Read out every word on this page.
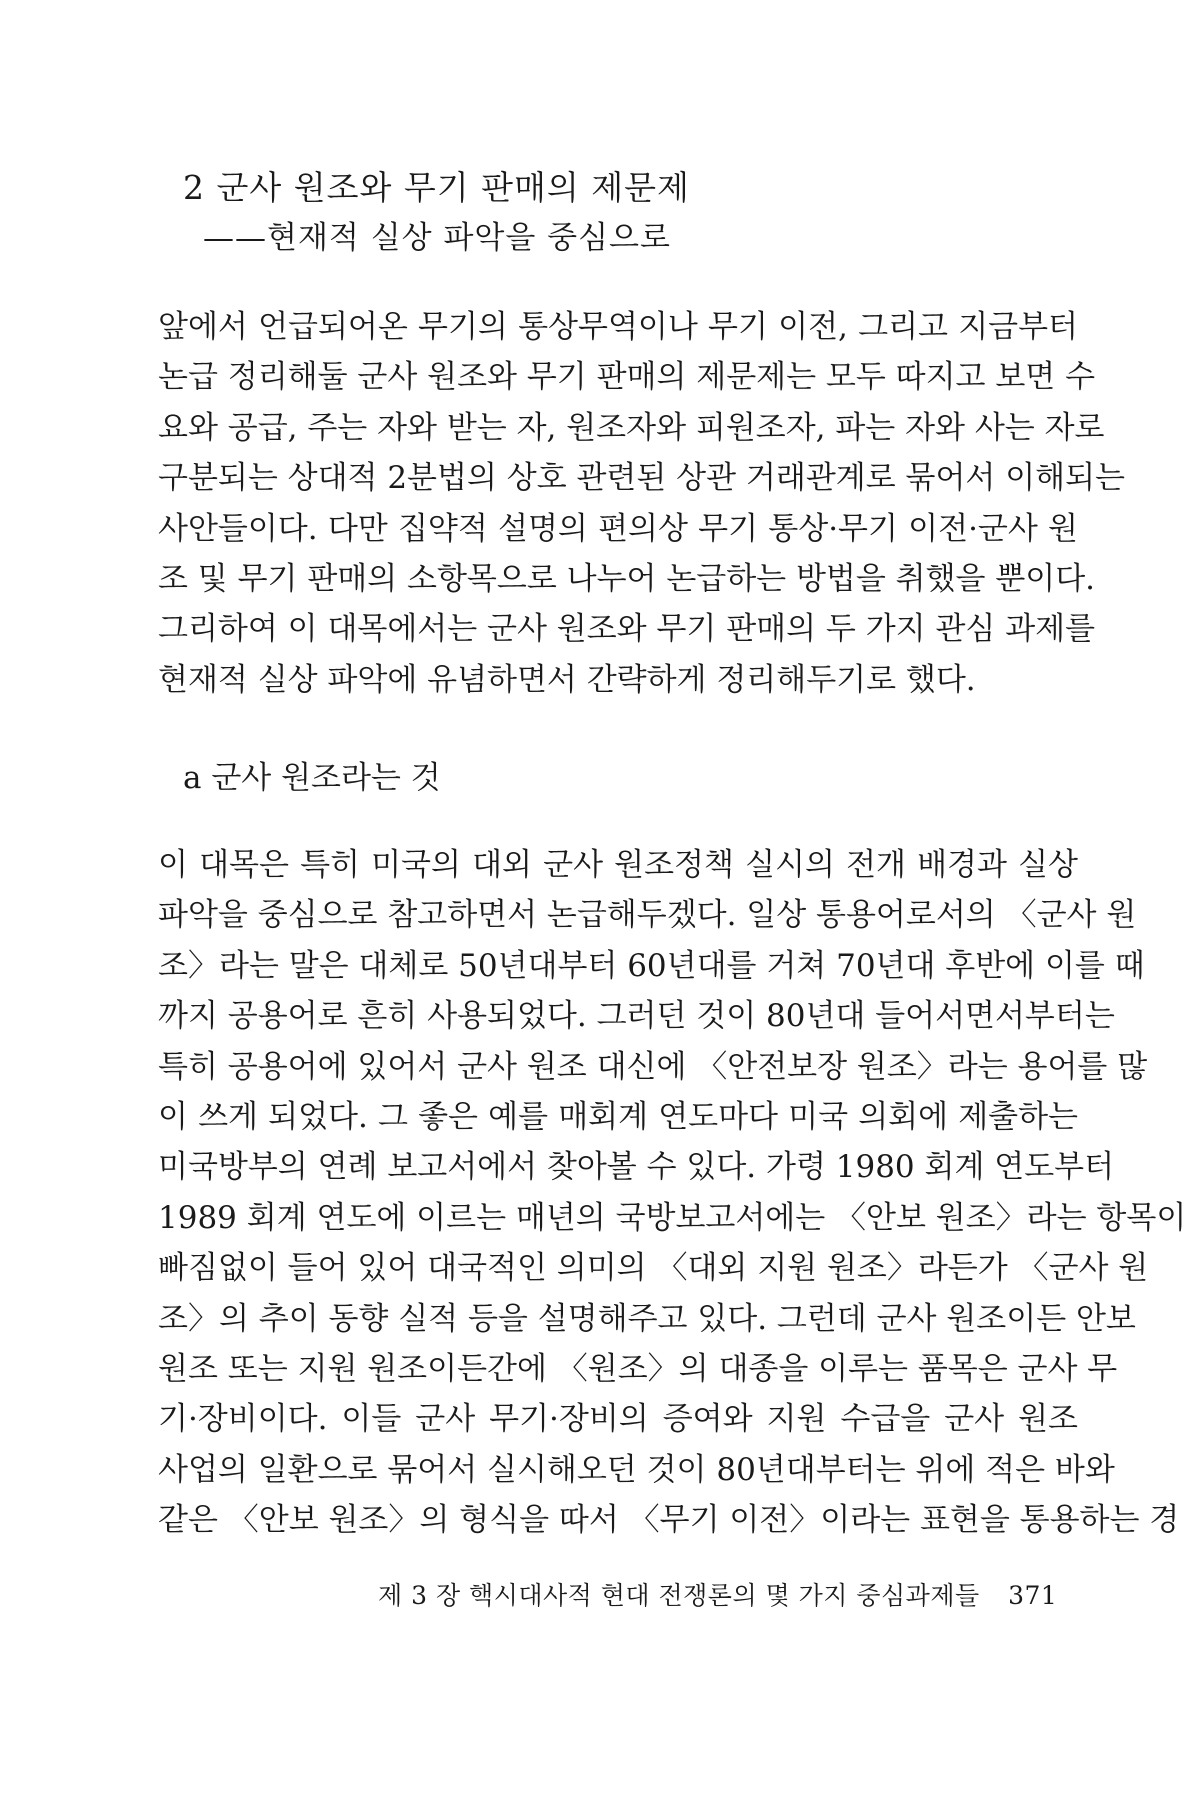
2 군사 원조와 무기 판매의 제문제
——현재적 실상 파악을 중심으로
앞에서 언급되어온 무기의 통상무역이나 무기 이전, 그리고 지금부터
논급 정리해둘 군사 원조와 무기 판매의 제문제는 모두 따지고 보면 수
요와 공급, 주는 자와 받는 자, 원조자와 피원조자, 파는 자와 사는 자로
구분되는 상대적 2분법의 상호 관련된 상관 거래관계로 묶어서 이해되는
사안들이다. 다만 집약적 설명의 편의상 무기 통상·무기 이전·군사 원
조 및 무기 판매의 소항목으로 나누어 논급하는 방법을 취했을 뿐이다.
그리하여 이 대목에서는 군사 원조와 무기 판매의 두 가지 관심 과제를
현재적 실상 파악에 유념하면서 간략하게 정리해두기로 했다.
a 군사 원조라는 것
이 대목은 특히 미국의 대외 군사 원조정책 실시의 전개 배경과 실상
파악을 중심으로 참고하면서 논급해두겠다. 일상 통용어로서의 〈군사 원
조〉라는 말은 대체로 50년대부터 60년대를 거쳐 70년대 후반에 이를 때
까지 공용어로 흔히 사용되었다. 그러던 것이 80년대 들어서면서부터는
특히 공용어에 있어서 군사 원조 대신에 〈안전보장 원조〉라는 용어를 많
이 쓰게 되었다. 그 좋은 예를 매회계 연도마다 미국 의회에 제출하는
미국방부의 연례 보고서에서 찾아볼 수 있다. 가령 1980 회계 연도부터
1989 회계 연도에 이르는 매년의 국방보고서에는 〈안보 원조〉라는 항목이
빠짐없이 들어 있어 대국적인 의미의 〈대외 지원 원조〉라든가 〈군사 원
조〉의 추이 동향 실적 등을 설명해주고 있다. 그런데 군사 원조이든 안보
원조 또는 지원 원조이든간에 〈원조〉의 대종을 이루는 품목은 군사 무
기·장비이다. 이들 군사 무기·장비의 증여와 지원 수급을 군사 원조
사업의 일환으로 묶어서 실시해오던 것이 80년대부터는 위에 적은 바와
같은 〈안보 원조〉의 형식을 따서 〈무기 이전〉이라는 표현을 통용하는 경
제 3 장 핵시대사적 현대 전쟁론의 몇 가지 중심과제들 371
